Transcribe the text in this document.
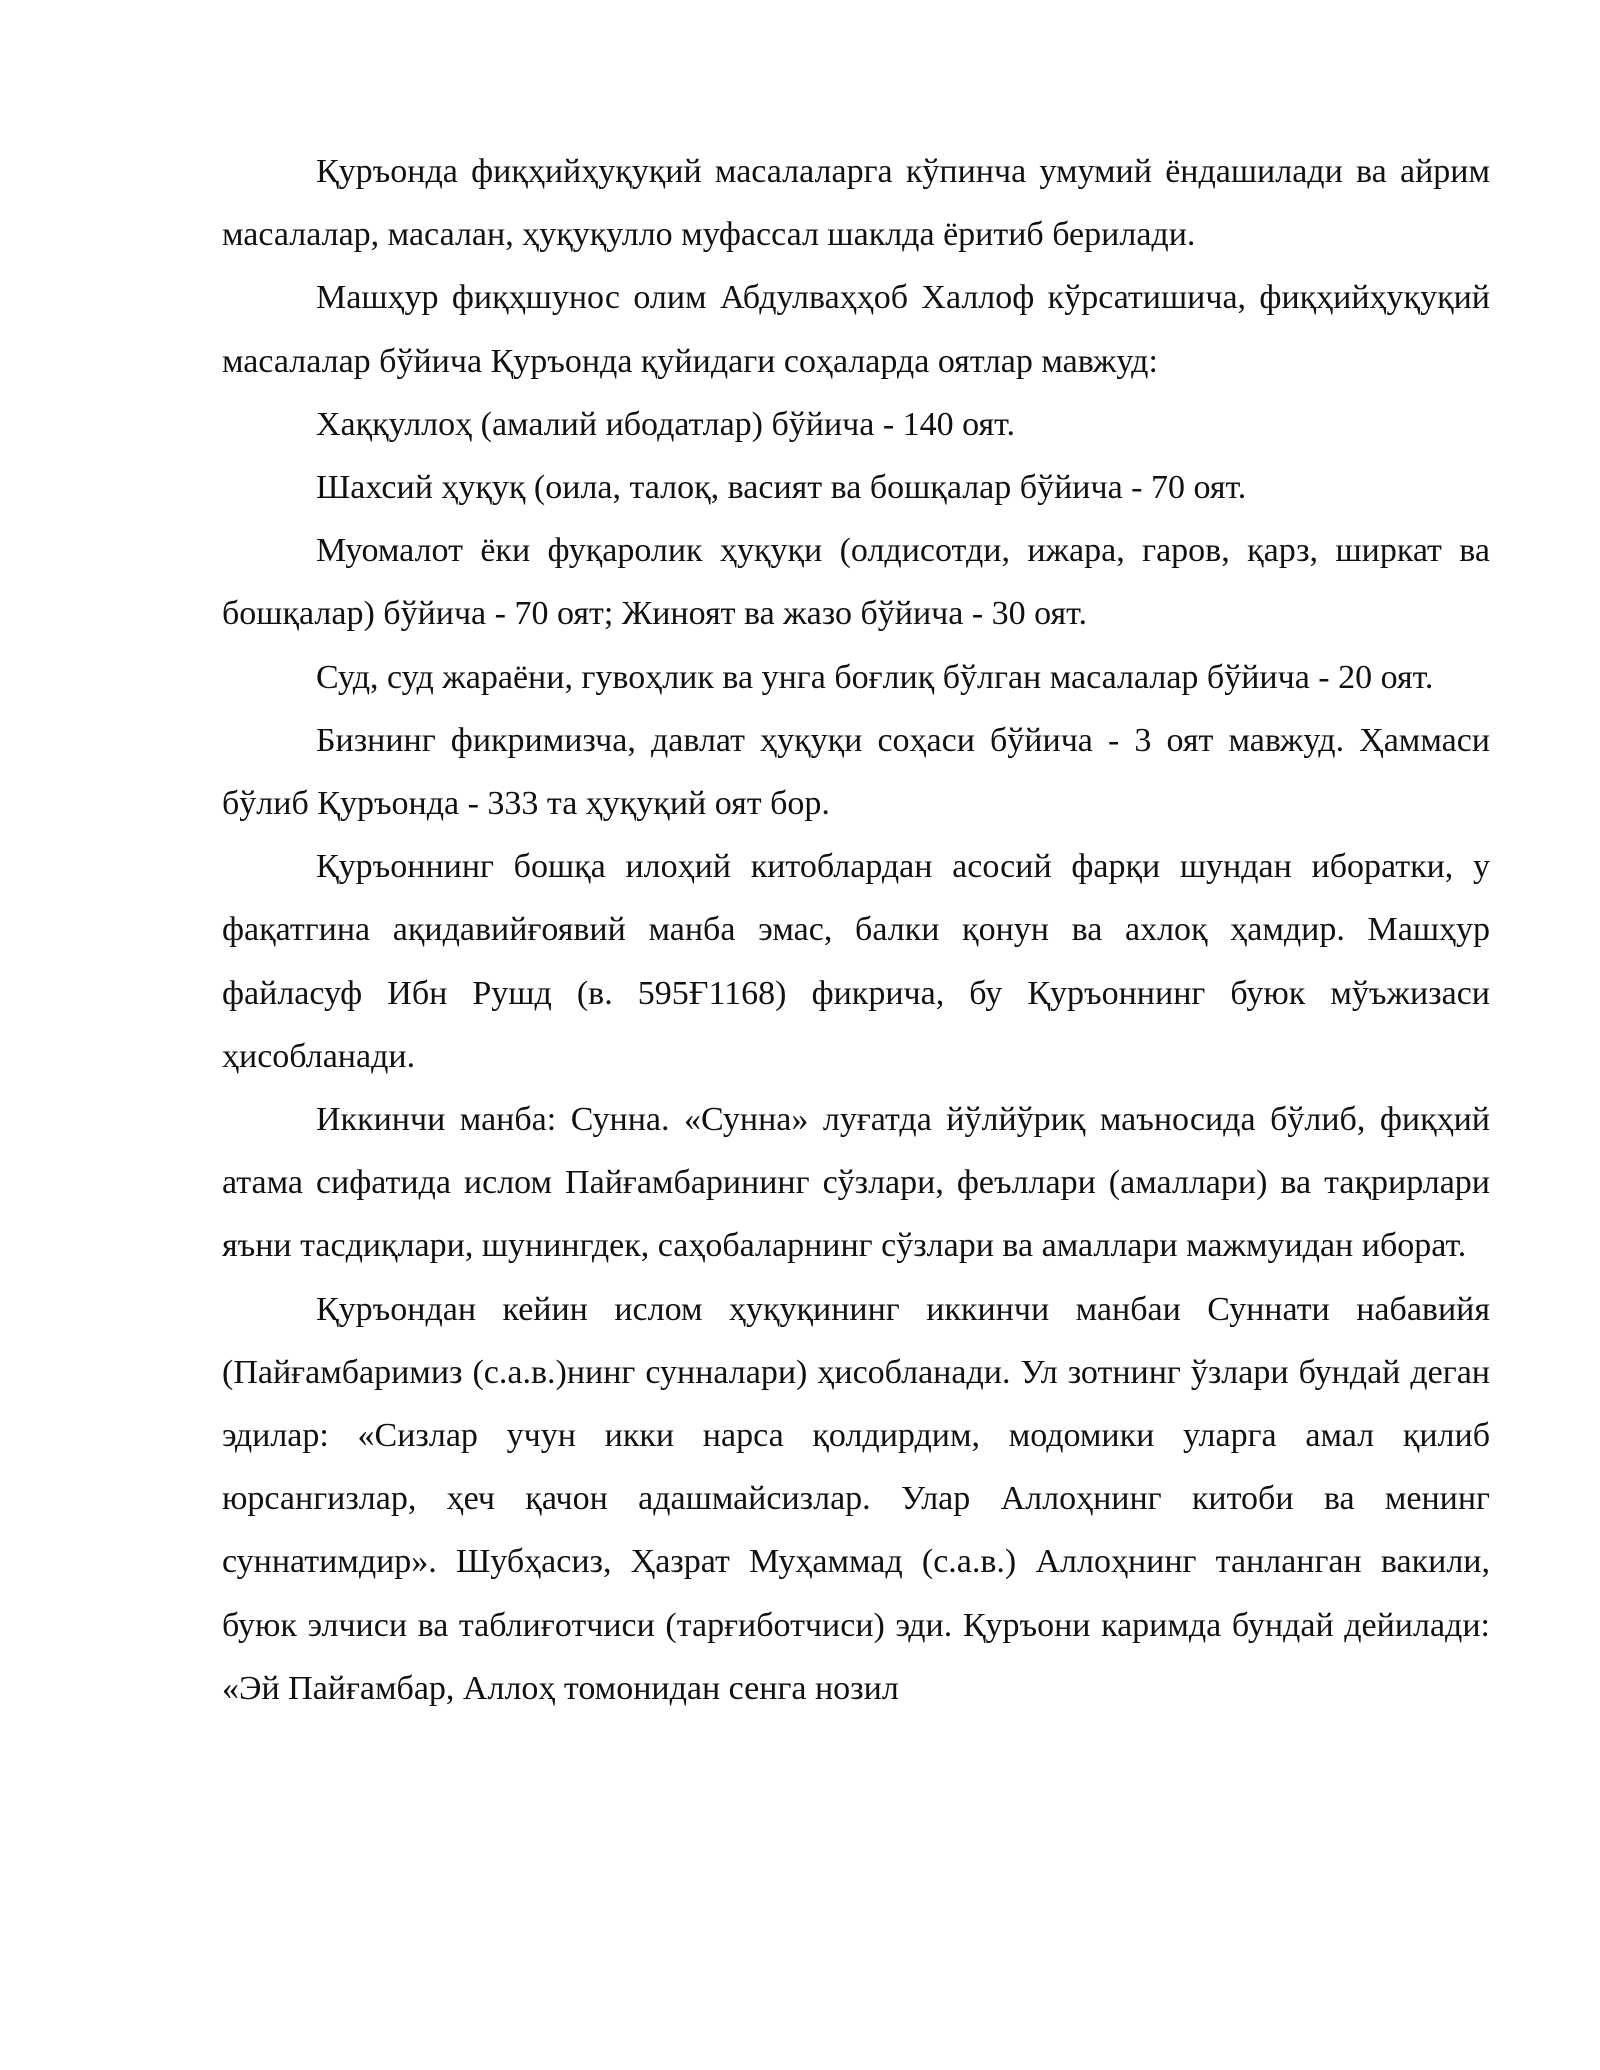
Қуръонда фиқҳийҳуқуқий масалаларга кўпинча умумий ёндашилади ва айрим масалалар, масалан, ҳуқуқулло муфассал шаклда ёритиб берилади.

Машҳур фиқҳшунос олим Абдулваҳҳоб Халлоф кўрсатишича, фиқҳийҳуқуқий масалалар бўйича Қуръонда қуйидаги соҳаларда оятлар мавжуд:

Хаққуллоҳ (амалий ибодатлар) бўйича - 140 оят.

Шахсий ҳуқуқ (оила, талоқ, васият ва бошқалар бўйича - 70 оят.

Муомалот ёки фуқаролик ҳуқуқи (олдисотди, ижара, гаров, қарз, ширкат ва бошқалар) бўйича - 70 оят; Жиноят ва жазо бўйича - 30 оят.

Суд, суд жараёни, гувоҳлик ва унга боғлиқ бўлган масалалар бўйича - 20 оят.

Бизнинг фикримизча, давлат ҳуқуқи соҳаси бўйича - 3 оят мавжуд. Ҳаммаси бўлиб Қуръонда - 333 та ҳуқуқий оят бор.

Қуръоннинг бошқа илоҳий китоблардан асосий фарқи шундан иборатки, у фақатгина ақидавийғоявий манба эмас, балки қонун ва ахлоқ ҳамдир. Машҳур файласуф Ибн Рушд (в. 595Ғ1168) фикрича, бу Қуръоннинг буюк мўъжизаси ҳисобланади.

Иккинчи манба: Сунна. «Сунна» луғатда йўлйўриқ маъносида бўлиб, фиқҳий атама сифатида ислом Пайғамбарининг сўзлари, феъллари (амаллари) ва тақрирлари яъни тасдиқлари, шунингдек, саҳобаларнинг сўзлари ва амаллари мажмуидан иборат.

Қуръондан кейин ислом ҳуқуқининг иккинчи манбаи Суннати набавийя (Пайғамбаримиз (с.а.в.)нинг сунналари) ҳисобланади. Ул зотнинг ўзлари бундай деган эдилар: «Сизлар учун икки нарса қолдирдим, модомики уларга амал қилиб юрсангизлар, ҳеч қачон адашмайсизлар. Улар Аллоҳнинг китоби ва менинг суннатимдир». Шубҳасиз, Ҳазрат Муҳаммад (с.а.в.) Аллоҳнинг танланган вакили, буюк элчиси ва таблиғотчиси (тарғиботчиси) эди. Қуръони каримда бундай дейилади: «Эй Пайғамбар, Аллоҳ томонидан сенга нозил
